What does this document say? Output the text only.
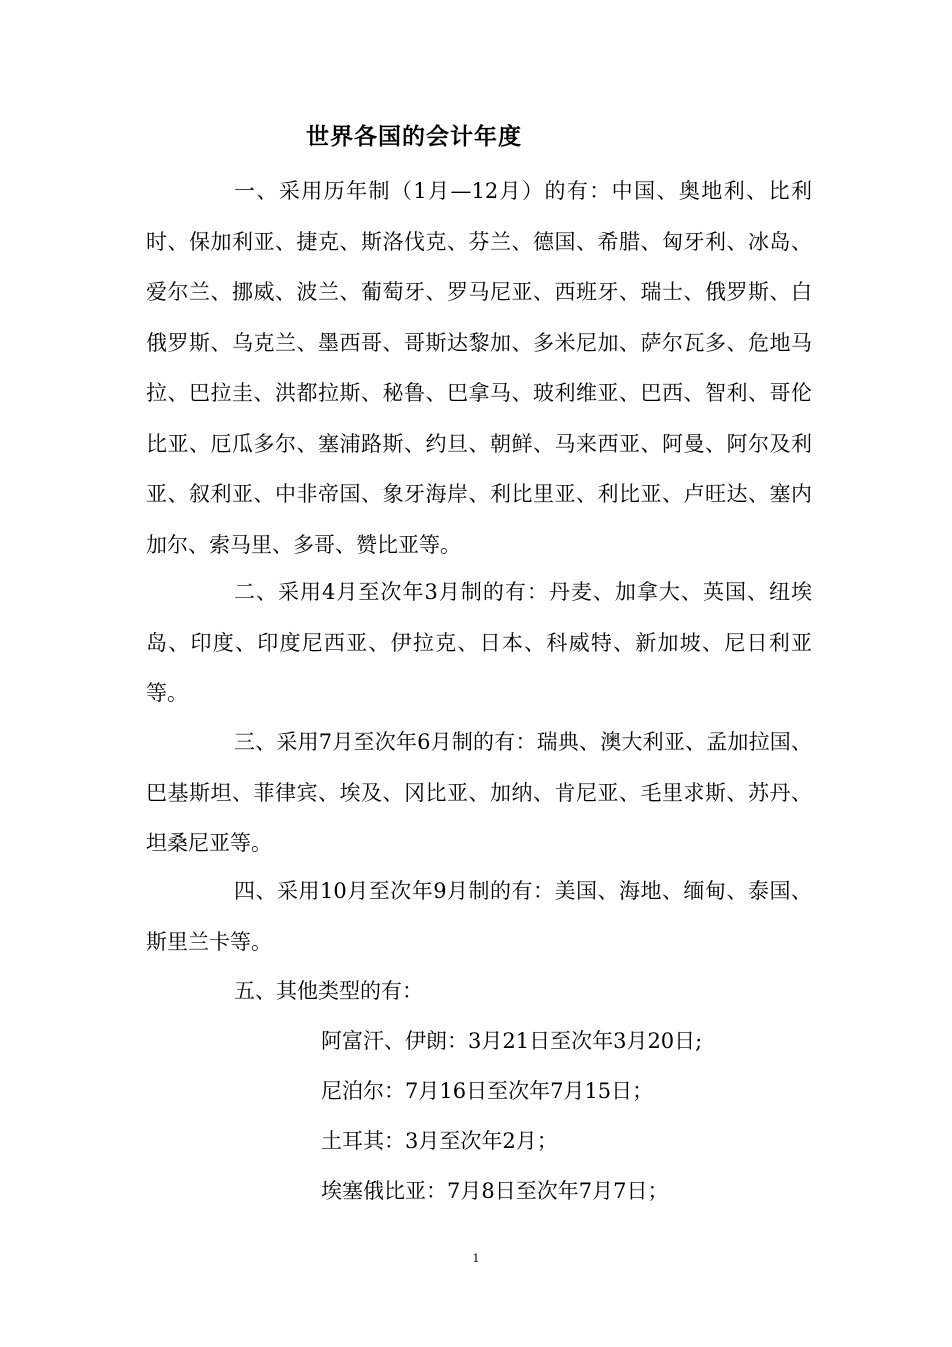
世界各国的会计年度

一、采用历年制（1月—12月）的有：中国、奥地利、比利时、保加利亚、捷克、斯洛伐克、芬兰、德国、希腊、匈牙利、冰岛、爱尔兰、挪威、波兰、葡萄牙、罗马尼亚、西班牙、瑞士、俄罗斯、白俄罗斯、乌克兰、墨西哥、哥斯达黎加、多米尼加、萨尔瓦多、危地马拉、巴拉圭、洪都拉斯、秘鲁、巴拿马、玻利维亚、巴西、智利、哥伦比亚、厄瓜多尔、塞浦路斯、约旦、朝鲜、马来西亚、阿曼、阿尔及利亚、叙利亚、中非帝国、象牙海岸、利比里亚、利比亚、卢旺达、塞内加尔、索马里、多哥、赞比亚等。

二、采用4月至次年3月制的有：丹麦、加拿大、英国、纽埃岛、印度、印度尼西亚、伊拉克、日本、科威特、新加坡、尼日利亚等。

三、采用7月至次年6月制的有：瑞典、澳大利亚、孟加拉国、巴基斯坦、菲律宾、埃及、冈比亚、加纳、肯尼亚、毛里求斯、苏丹、坦桑尼亚等。

四、采用10月至次年9月制的有：美国、海地、缅甸、泰国、斯里兰卡等。

五、其他类型的有：

阿富汗、伊朗：3月21日至次年3月20日;

尼泊尔：7月16日至次年7月15日；

土耳其：3月至次年2月；

埃塞俄比亚：7月8日至次年7月7日；

1
